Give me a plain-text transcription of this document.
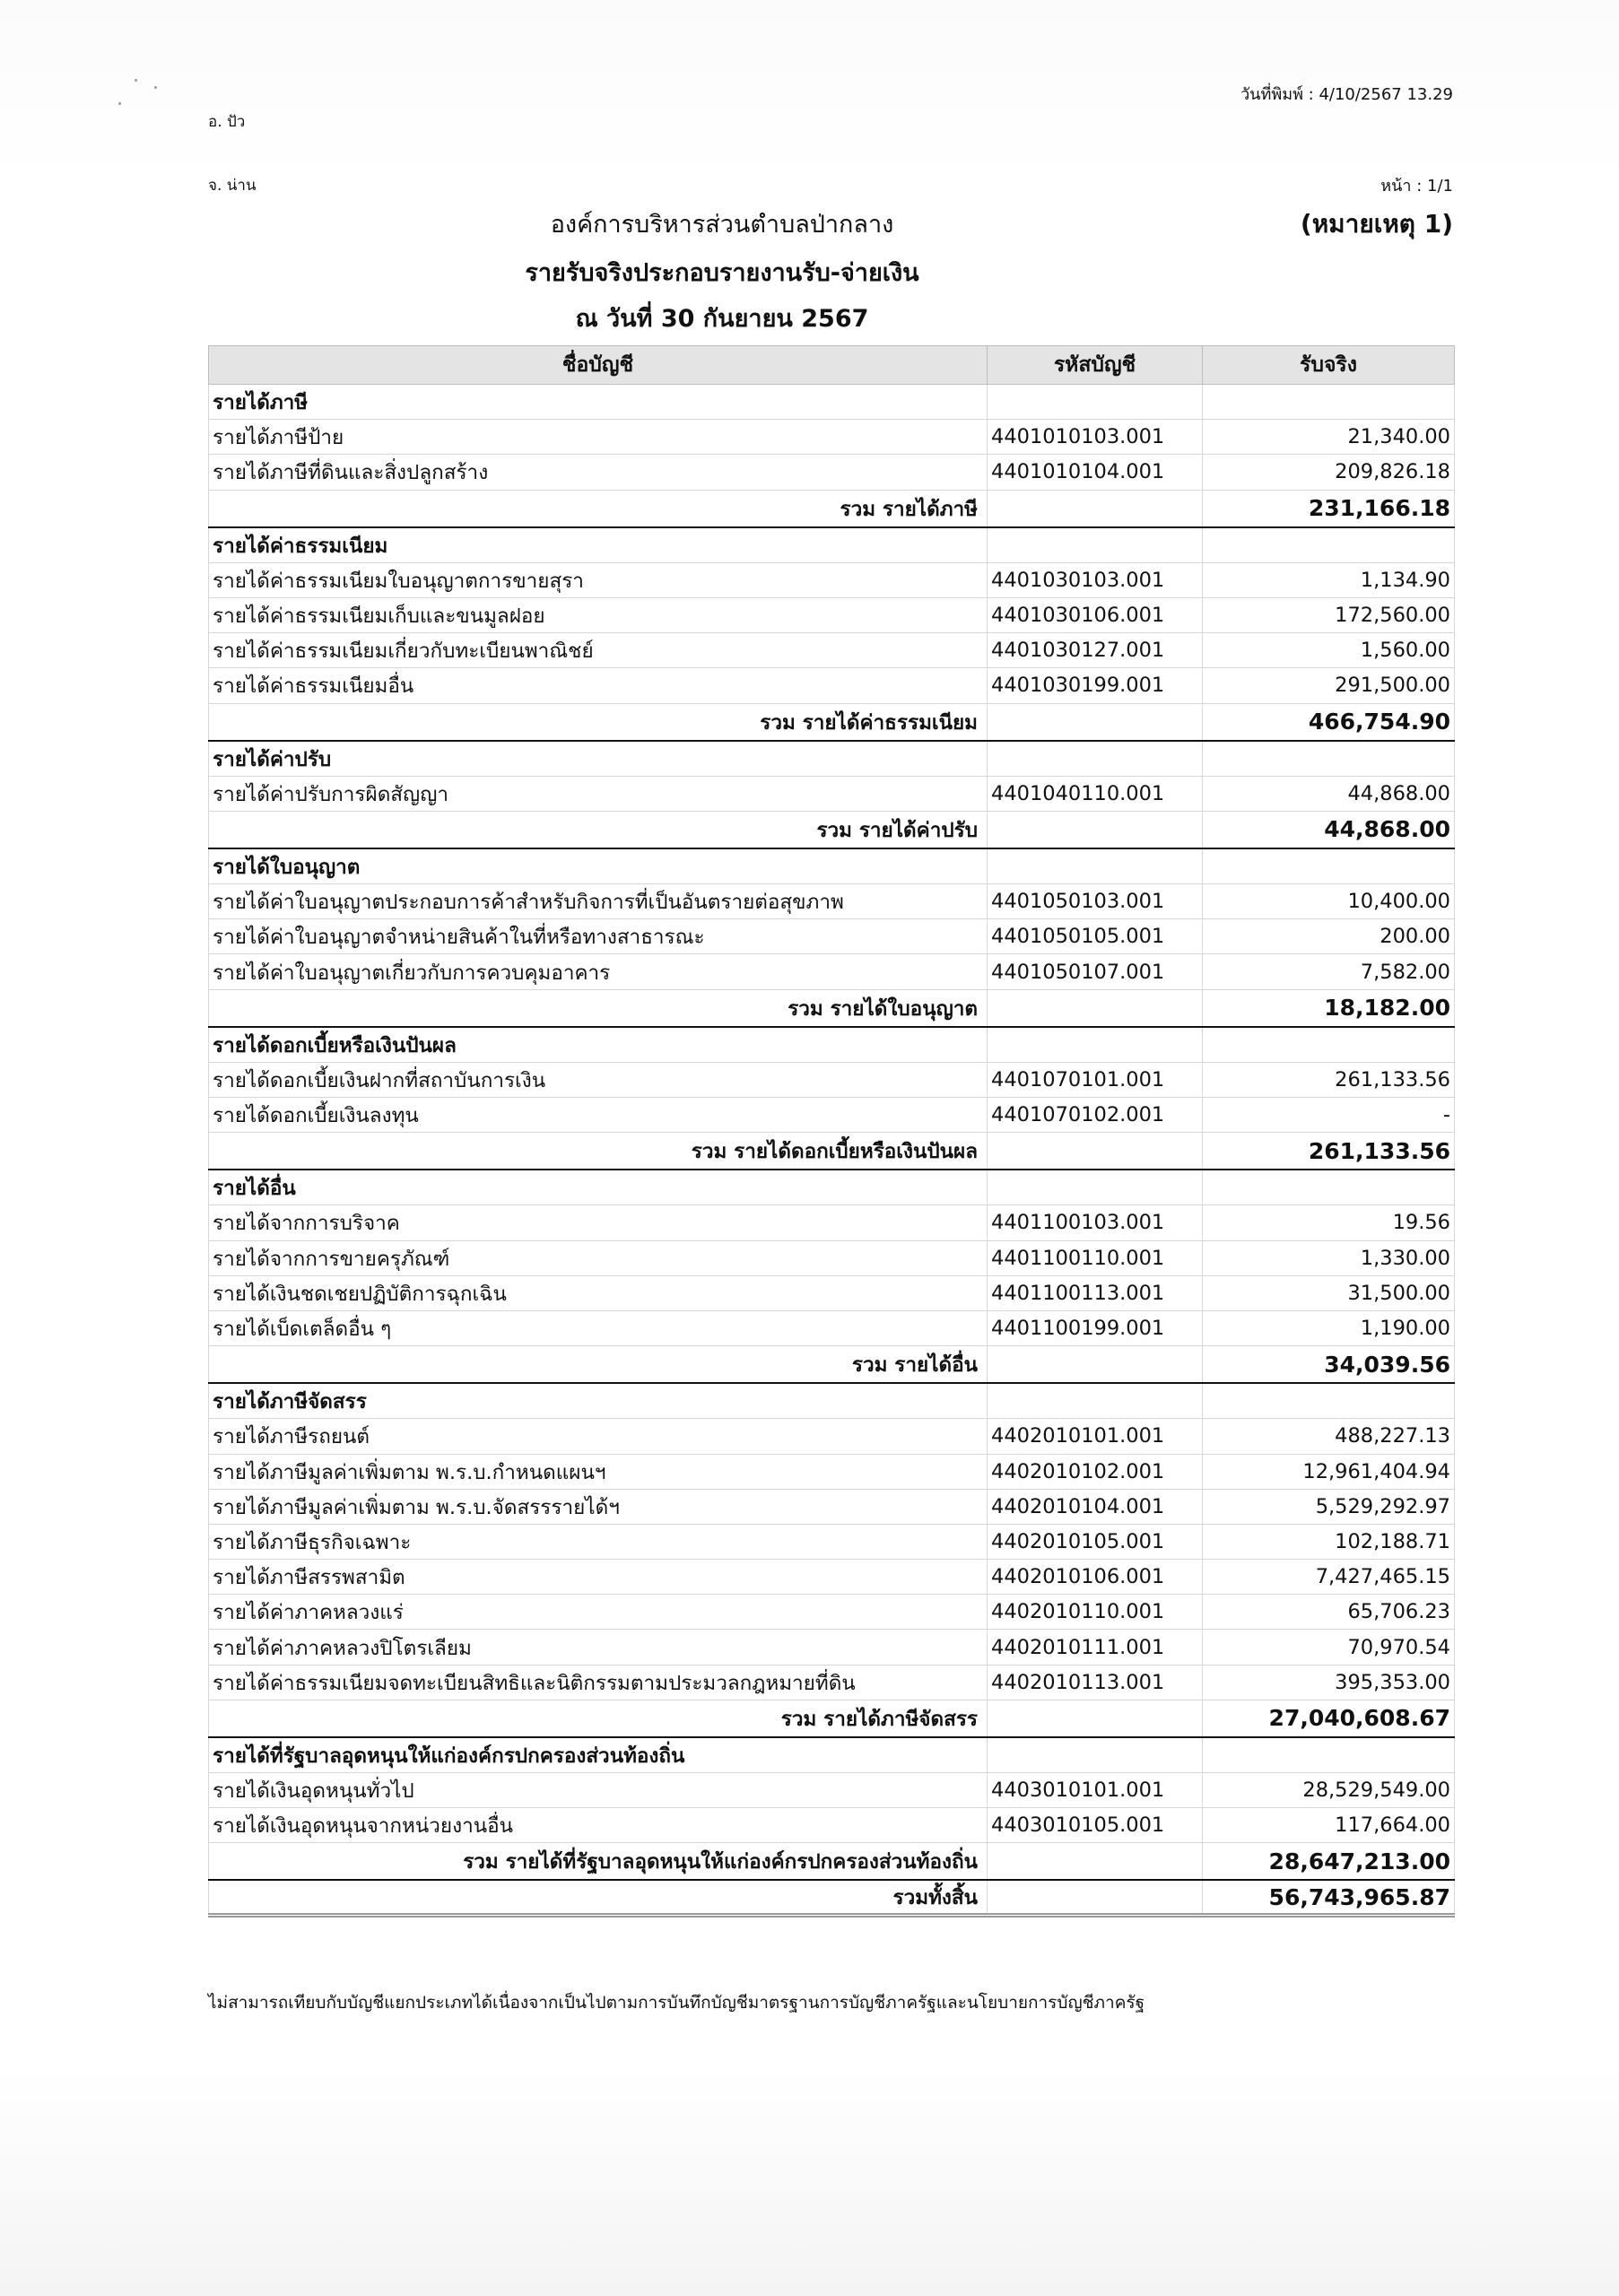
วันที่พิมพ์ : 4/10/2567 13.29
อ. ปัว
จ. น่าน	หน้า : 1/1
(หมายเหตุ 1)
องค์การบริหารส่วนตำบลป่ากลาง
รายรับจริงประกอบรายงานรับ-จ่ายเงิน
ณ วันที่ 30 กันยายน 2567
ชื่อบัญชี	รหัสบัญชี	รับจริง
รายได้ภาษี		
รายได้ภาษีป้าย	4401010103.001	21,340.00
รายได้ภาษีที่ดินและสิ่งปลูกสร้าง	4401010104.001	209,826.18
รวม รายได้ภาษี		231,166.18
รายได้ค่าธรรมเนียม		
รายได้ค่าธรรมเนียมใบอนุญาตการขายสุรา	4401030103.001	1,134.90
รายได้ค่าธรรมเนียมเก็บและขนมูลฝอย	4401030106.001	172,560.00
รายได้ค่าธรรมเนียมเกี่ยวกับทะเบียนพาณิชย์	4401030127.001	1,560.00
รายได้ค่าธรรมเนียมอื่น	4401030199.001	291,500.00
รวม รายได้ค่าธรรมเนียม		466,754.90
รายได้ค่าปรับ		
รายได้ค่าปรับการผิดสัญญา	4401040110.001	44,868.00
รวม รายได้ค่าปรับ		44,868.00
รายได้ใบอนุญาต		
รายได้ค่าใบอนุญาตประกอบการค้าสำหรับกิจการที่เป็นอันตรายต่อสุขภาพ	4401050103.001	10,400.00
รายได้ค่าใบอนุญาตจำหน่ายสินค้าในที่หรือทางสาธารณะ	4401050105.001	200.00
รายได้ค่าใบอนุญาตเกี่ยวกับการควบคุมอาคาร	4401050107.001	7,582.00
รวม รายได้ใบอนุญาต		18,182.00
รายได้ดอกเบี้ยหรือเงินปันผล		
รายได้ดอกเบี้ยเงินฝากที่สถาบันการเงิน	4401070101.001	261,133.56
รายได้ดอกเบี้ยเงินลงทุน	4401070102.001	-
รวม รายได้ดอกเบี้ยหรือเงินปันผล		261,133.56
รายได้อื่น		
รายได้จากการบริจาค	4401100103.001	19.56
รายได้จากการขายครุภัณฑ์	4401100110.001	1,330.00
รายได้เงินชดเชยปฏิบัติการฉุกเฉิน	4401100113.001	31,500.00
รายได้เบ็ดเตล็ดอื่น ๆ	4401100199.001	1,190.00
รวม รายได้อื่น		34,039.56
รายได้ภาษีจัดสรร		
รายได้ภาษีรถยนต์	4402010101.001	488,227.13
รายได้ภาษีมูลค่าเพิ่มตาม พ.ร.บ.กำหนดแผนฯ	4402010102.001	12,961,404.94
รายได้ภาษีมูลค่าเพิ่มตาม พ.ร.บ.จัดสรรรายได้ฯ	4402010104.001	5,529,292.97
รายได้ภาษีธุรกิจเฉพาะ	4402010105.001	102,188.71
รายได้ภาษีสรรพสามิต	4402010106.001	7,427,465.15
รายได้ค่าภาคหลวงแร่	4402010110.001	65,706.23
รายได้ค่าภาคหลวงปิโตรเลียม	4402010111.001	70,970.54
รายได้ค่าธรรมเนียมจดทะเบียนสิทธิและนิติกรรมตามประมวลกฎหมายที่ดิน	4402010113.001	395,353.00
รวม รายได้ภาษีจัดสรร		27,040,608.67
รายได้ที่รัฐบาลอุดหนุนให้แก่องค์กรปกครองส่วนท้องถิ่น		
รายได้เงินอุดหนุนทั่วไป	4403010101.001	28,529,549.00
รายได้เงินอุดหนุนจากหน่วยงานอื่น	4403010105.001	117,664.00
รวม รายได้ที่รัฐบาลอุดหนุนให้แก่องค์กรปกครองส่วนท้องถิ่น		28,647,213.00
รวมทั้งสิ้น		56,743,965.87
ไม่สามารถเทียบกับบัญชีแยกประเภทได้เนื่องจากเป็นไปตามการบันทึกบัญชีมาตรฐานการบัญชีภาครัฐและนโยบายการบัญชีภาครัฐ
